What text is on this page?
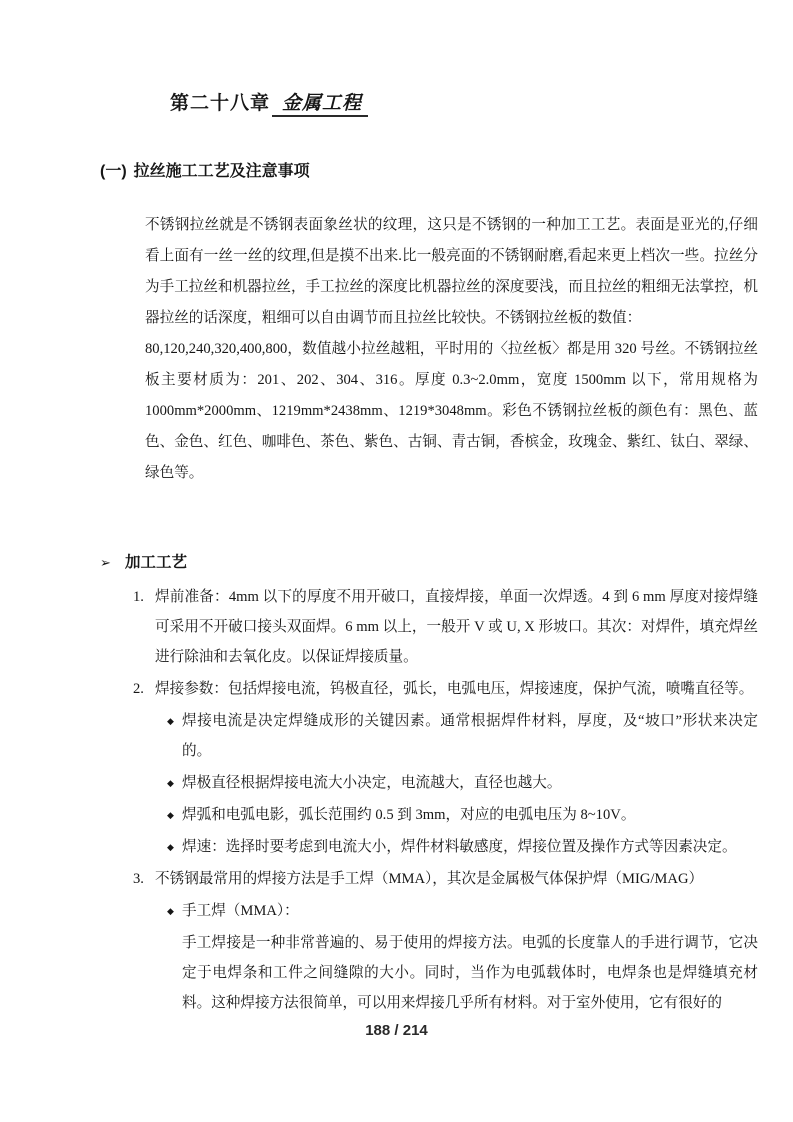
第二十八章 金属工程
(一) 拉丝施工工艺及注意事项
不锈钢拉丝就是不锈钢表面象丝状的纹理，这只是不锈钢的一种加工工艺。表面是亚光的,仔细看上面有一丝一丝的纹理,但是摸不出来.比一般亮面的不锈钢耐磨,看起来更上档次一些。拉丝分为手工拉丝和机器拉丝，手工拉丝的深度比机器拉丝的深度要浅，而且拉丝的粗细无法掌控，机器拉丝的话深度，粗细可以自由调节而且拉丝比较快。不锈钢拉丝板的数值：
80,120,240,320,400,800，数值越小拉丝越粗，平时用的〈拉丝板〉都是用 320 号丝。不锈钢拉丝板主要材质为：201、202、304、316。厚度 0.3~2.0mm，宽度 1500mm 以下，常用规格为 1000mm*2000mm、1219mm*2438mm、1219*3048mm。彩色不锈钢拉丝板的颜色有：黑色、蓝色、金色、红色、咖啡色、茶色、紫色、古铜、青古铜，香槟金，玫瑰金、紫红、钛白、翠绿、绿色等。
➢ 加工工艺
1. 焊前准备：4mm 以下的厚度不用开破口，直接焊接，单面一次焊透。4 到 6 mm 厚度对接焊缝可采用不开破口接头双面焊。6 mm 以上，一般开 V 或 U, X 形坡口。其次：对焊件，填充焊丝进行除油和去氧化皮。以保证焊接质量。
2. 焊接参数：包括焊接电流，钨极直径，弧长，电弧电压，焊接速度，保护气流，喷嘴直径等。
◆ 焊接电流是决定焊缝成形的关键因素。通常根据焊件材料，厚度，及“坡口”形状来决定的。
◆ 焊极直径根据焊接电流大小决定，电流越大，直径也越大。
◆ 焊弧和电弧电影，弧长范围约 0.5 到 3mm，对应的电弧电压为 8~10V。
◆ 焊速：选择时要考虑到电流大小，焊件材料敏感度，焊接位置及操作方式等因素决定。
3. 不锈钢最常用的焊接方法是手工焊（MMA），其次是金属极气体保护焊（MIG/MAG）
◆ 手工焊（MMA）：
手工焊接是一种非常普遍的、易于使用的焊接方法。电弧的长度靠人的手进行调节，它决定于电焊条和工件之间缝隙的大小。同时，当作为电弧载体时，电焊条也是焊缝填充材料。这种焊接方法很简单，可以用来焊接几乎所有材料。对于室外使用，它有很好的
188 / 214
